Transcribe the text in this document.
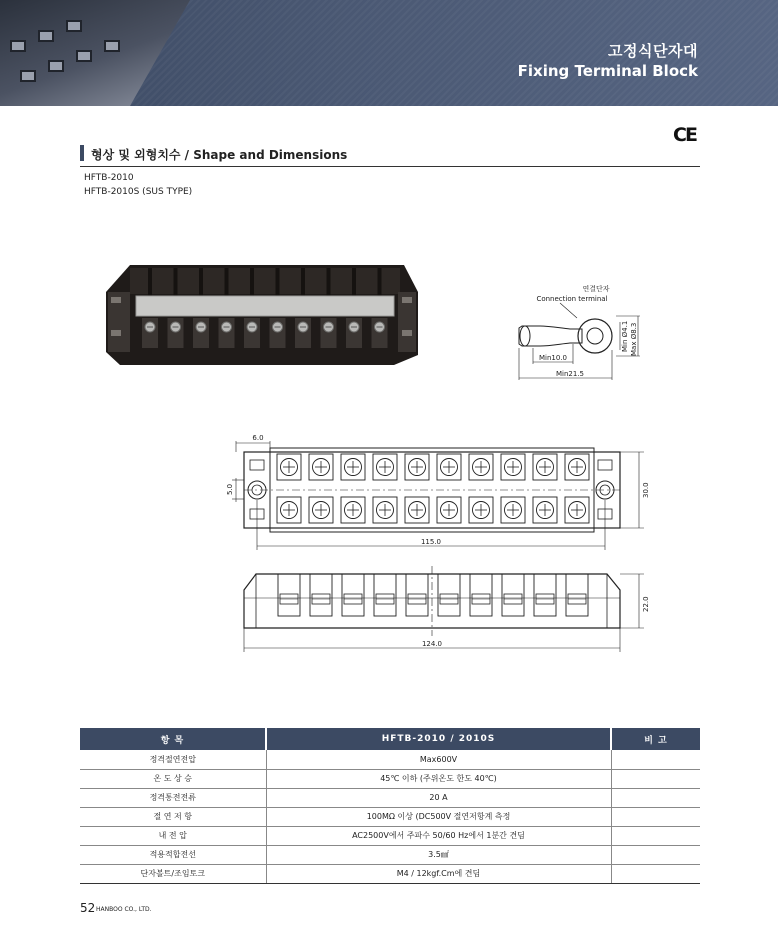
고정식단자대
Fixing Terminal Block
형상 및 외형치수 / Shape and Dimensions
CE
HFTB-2010
HFTB-2010S (SUS TYPE)
연결단자
Connection terminal
Min10.0
Min21.5
Min Ø4.1 Max Ø8.3
6.0
5.0
115.0
30.0
124.0
22.0
항 목	HFTB-2010 / 2010S	비 고
정격절연전압	Max600V	
온 도 상 승	45℃ 이하 (주위온도 한도 40℃)	
정격통전전류	20 A	
절 연 저 항	100MΩ 이상 (DC500V 절연저항계 측정	
내 전 압	AC2500V에서 주파수 50/60 Hz에서 1분간 견딤	
적용적합전선	3.5㎟	
단자볼트/조임토크	M4 / 12kgf.Cm에 견딤	
52 HANBOO CO., LTD.
